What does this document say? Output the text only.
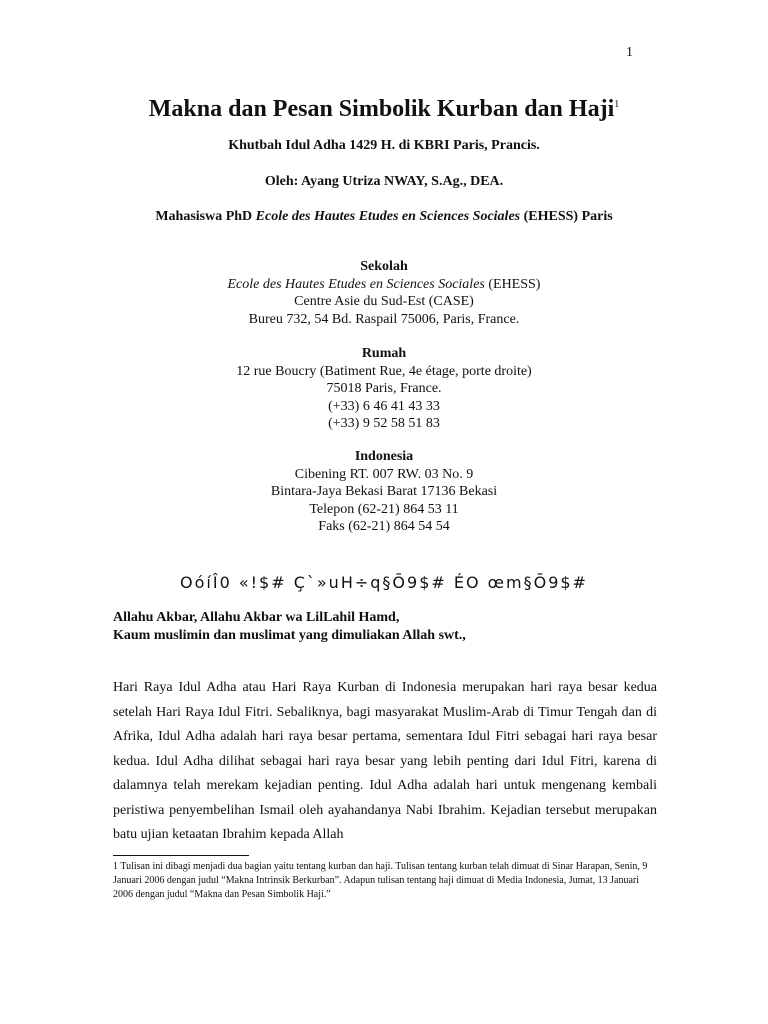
1
Makna dan Pesan Simbolik Kurban dan Haji$^1$

Khutbah Idul Adha 1429 H. di KBRI Paris, Prancis.

Oleh: Ayang Utriza NWAY, S.Ag., DEA.

Mahasiswa PhD Ecole des Hautes Etudes en Sciences Sociales (EHESS) Paris

Sekolah
Ecole des Hautes Etudes en Sciences Sociales (EHESS)
Centre Asie du Sud-Est (CASE)
Bureu 732, 54 Bd. Raspail 75006, Paris, France.
Rumah
12 rue Boucry (Batiment Rue, 4e étage, porte droite)
75018 Paris, France.
(+33) 6 46 41 43 33
(+33) 9 52 58 51 83
Indonesia
Cibening RT. 007 RW. 03 No. 9
Bintara-Jaya Bekasi Barat 17136 Bekasi
Telepon (62-21) 864 53 11
Faks (62-21) 864 54 54
OóíÎ0 «!$# Ç`»uH÷q§Ō9$# ÉO œm§Ō9$#
Allahu Akbar, Allahu Akbar wa LilLahil Hamd,
Kaum muslimin dan muslimat yang dimuliakan Allah swt.,

Hari Raya Idul Adha atau Hari Raya Kurban di Indonesia merupakan hari raya besar kedua setelah Hari Raya Idul Fitri. Sebaliknya, bagi masyarakat Muslim-Arab di Timur Tengah dan di Afrika, Idul Adha adalah hari raya besar pertama, sementara Idul Fitri sebagai hari raya besar kedua. Idul Adha dilihat sebagai hari raya besar yang lebih penting dari Idul Fitri, karena di dalamnya telah merekam kejadian penting. Idul Adha adalah hari untuk mengenang kembali peristiwa penyembelihan Ismail oleh ayahandanya Nabi Ibrahim. Kejadian tersebut merupakan batu ujian ketaatan Ibrahim kepada Allah

1 Tulisan ini dibagi menjadi dua bagian yaitu tentang kurban dan haji. Tulisan tentang kurban telah dimuat di Sinar Harapan, Senin, 9 Januari 2006 dengan judul “Makna Intrinsik Berkurban”. Adapun tulisan tentang haji dimuat di Media Indonesia, Jumat, 13 Januari 2006 dengan judul “Makna dan Pesan Simbolik Haji.”
